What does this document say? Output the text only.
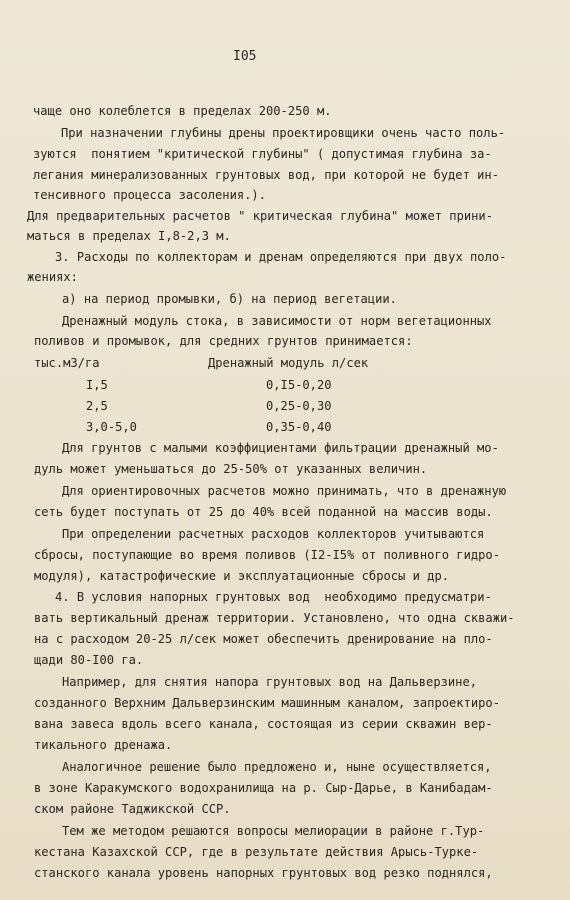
I05
чаще оно колеблется в пределах 200-250 м.
При назначении глубины дрены проектировщики очень часто поль-
зуются  понятием "критической глубины" ( допустимая глубина за-
легания минерализованных грунтовых вод, при которой не будет ин-
тенсивного процесса засоления.).
Для предварительных расчетов " критическая глубина" может прини-
маться в пределах I,8-2,3 м.
3. Расходы по коллекторам и дренам определяются при двух поло-
жениях:
а) на период промывки, б) на период вегетации.
Дренажный модуль стока, в зависимости от норм вегетационных
поливов и промывок, для средних грунтов принимается:
тыс.м3/га	Дренажный модуль л/сек
I,5	0,I5-0,20
2,5	0,25-0,30
3,0-5,0	0,35-0,40
Для грунтов с малыми коэффициентами фильтрации дренажный мо-
дуль может уменьшаться до 25-50% от указанных величин.
Для ориентировочных расчетов можно принимать, что в дренажную
сеть будет поступать от 25 до 40% всей поданной на массив воды.
При определении расчетных расходов коллекторов учитываются
сбросы, поступающие во время поливов (I2-I5% от поливного гидро-
модуля), катастрофические и эксплуатационные сбросы и др.
4. В условия напорных грунтовых вод  необходимо предусматри-
вать вертикальный дренаж территории. Установлено, что одна скважи-
на с расходом 20-25 л/сек может обеспечить дренирование на пло-
щади 80-I00 га.
Например, для снятия напора грунтовых вод на Дальверзине,
созданного Верхним Дальверзинским машинным каналом, запроектиро-
вана завеса вдоль всего канала, состоящая из серии скважин вер-
тикального дренажа.
Аналогичное решение было предложено и, ныне осуществляется,
в зоне Каракумского водохранилища на р. Сыр-Дарье, в Канибадам-
ском районе Таджикской ССР.
Тем же методом решаются вопросы мелиорации в районе г.Тур-
кестана Казахской ССР, где в результате действия Арысь-Турке-
станского канала уровень напорных грунтовых вод резко поднялся,
